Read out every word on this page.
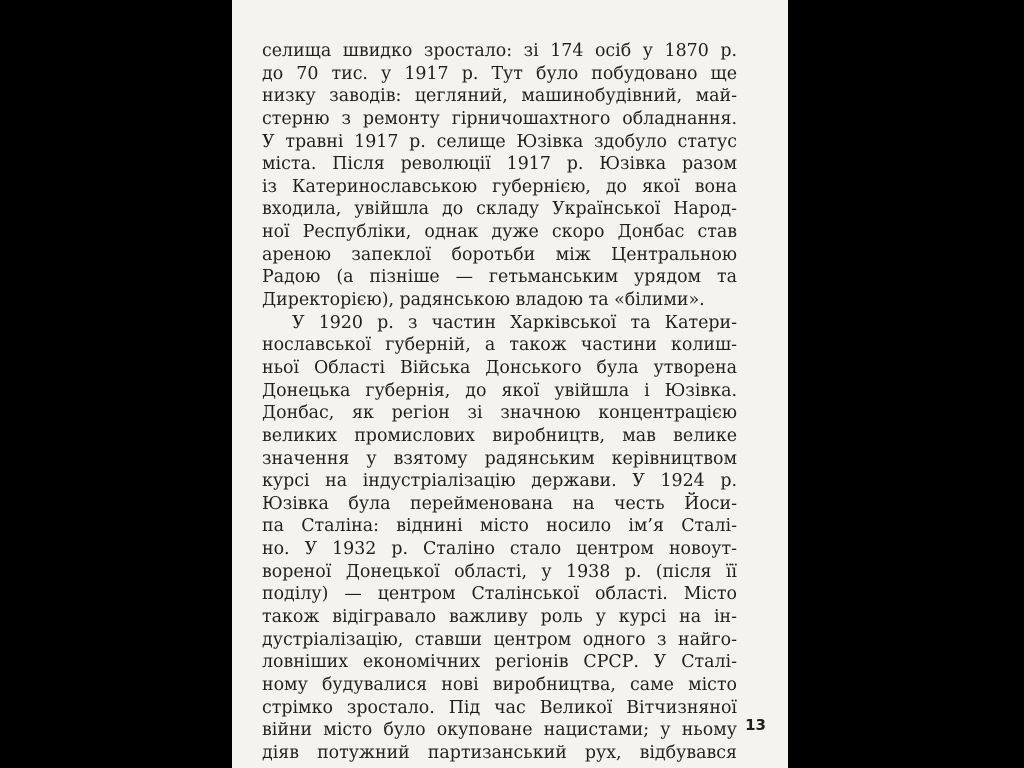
селища швидко зростало: зі 174 осіб у 1870 р.
до 70 тис. у 1917 р. Тут було побудовано ще
низку заводів: цегляний, машинобудівний, май-
стерню з ремонту гірничошахтного обладнання.
У травні 1917 р. селище Юзівка здобуло статус
міста. Після революції 1917 р. Юзівка разом
із Катеринославською губернією, до якої вона
входила, увійшла до складу Української Народ-
ної Республіки, однак дуже скоро Донбас став
ареною запеклої боротьби між Центральною
Радою (а пізніше — гетьманським урядом та
Директорією), радянською владою та «білими».
У 1920 р. з частин Харківської та Катери-
нославської губерній, а також частини колиш-
ньої Області Війська Донського була утворена
Донецька губернія, до якої увійшла і Юзівка.
Донбас, як регіон зі значною концентрацією
великих промислових виробництв, мав велике
значення у взятому радянським керівництвом
курсі на індустріалізацію держави. У 1924 р.
Юзівка була перейменована на честь Йоси-
па Сталіна: віднині місто носило ім’я Сталі-
но. У 1932 р. Сталіно стало центром новоут-
вореної Донецької області, у 1938 р. (після її
поділу) — центром Сталінської області. Місто
також відігравало важливу роль у курсі на ін-
дустріалізацію, ставши центром одного з найго-
ловніших економічних регіонів СРСР. У Сталі-
ному будувалися нові виробництва, саме місто
стрімко зростало. Під час Великої Вітчизняної
війни місто було окуповане нацистами; у ньому
діяв потужний партизанський рух, відбувався
13
